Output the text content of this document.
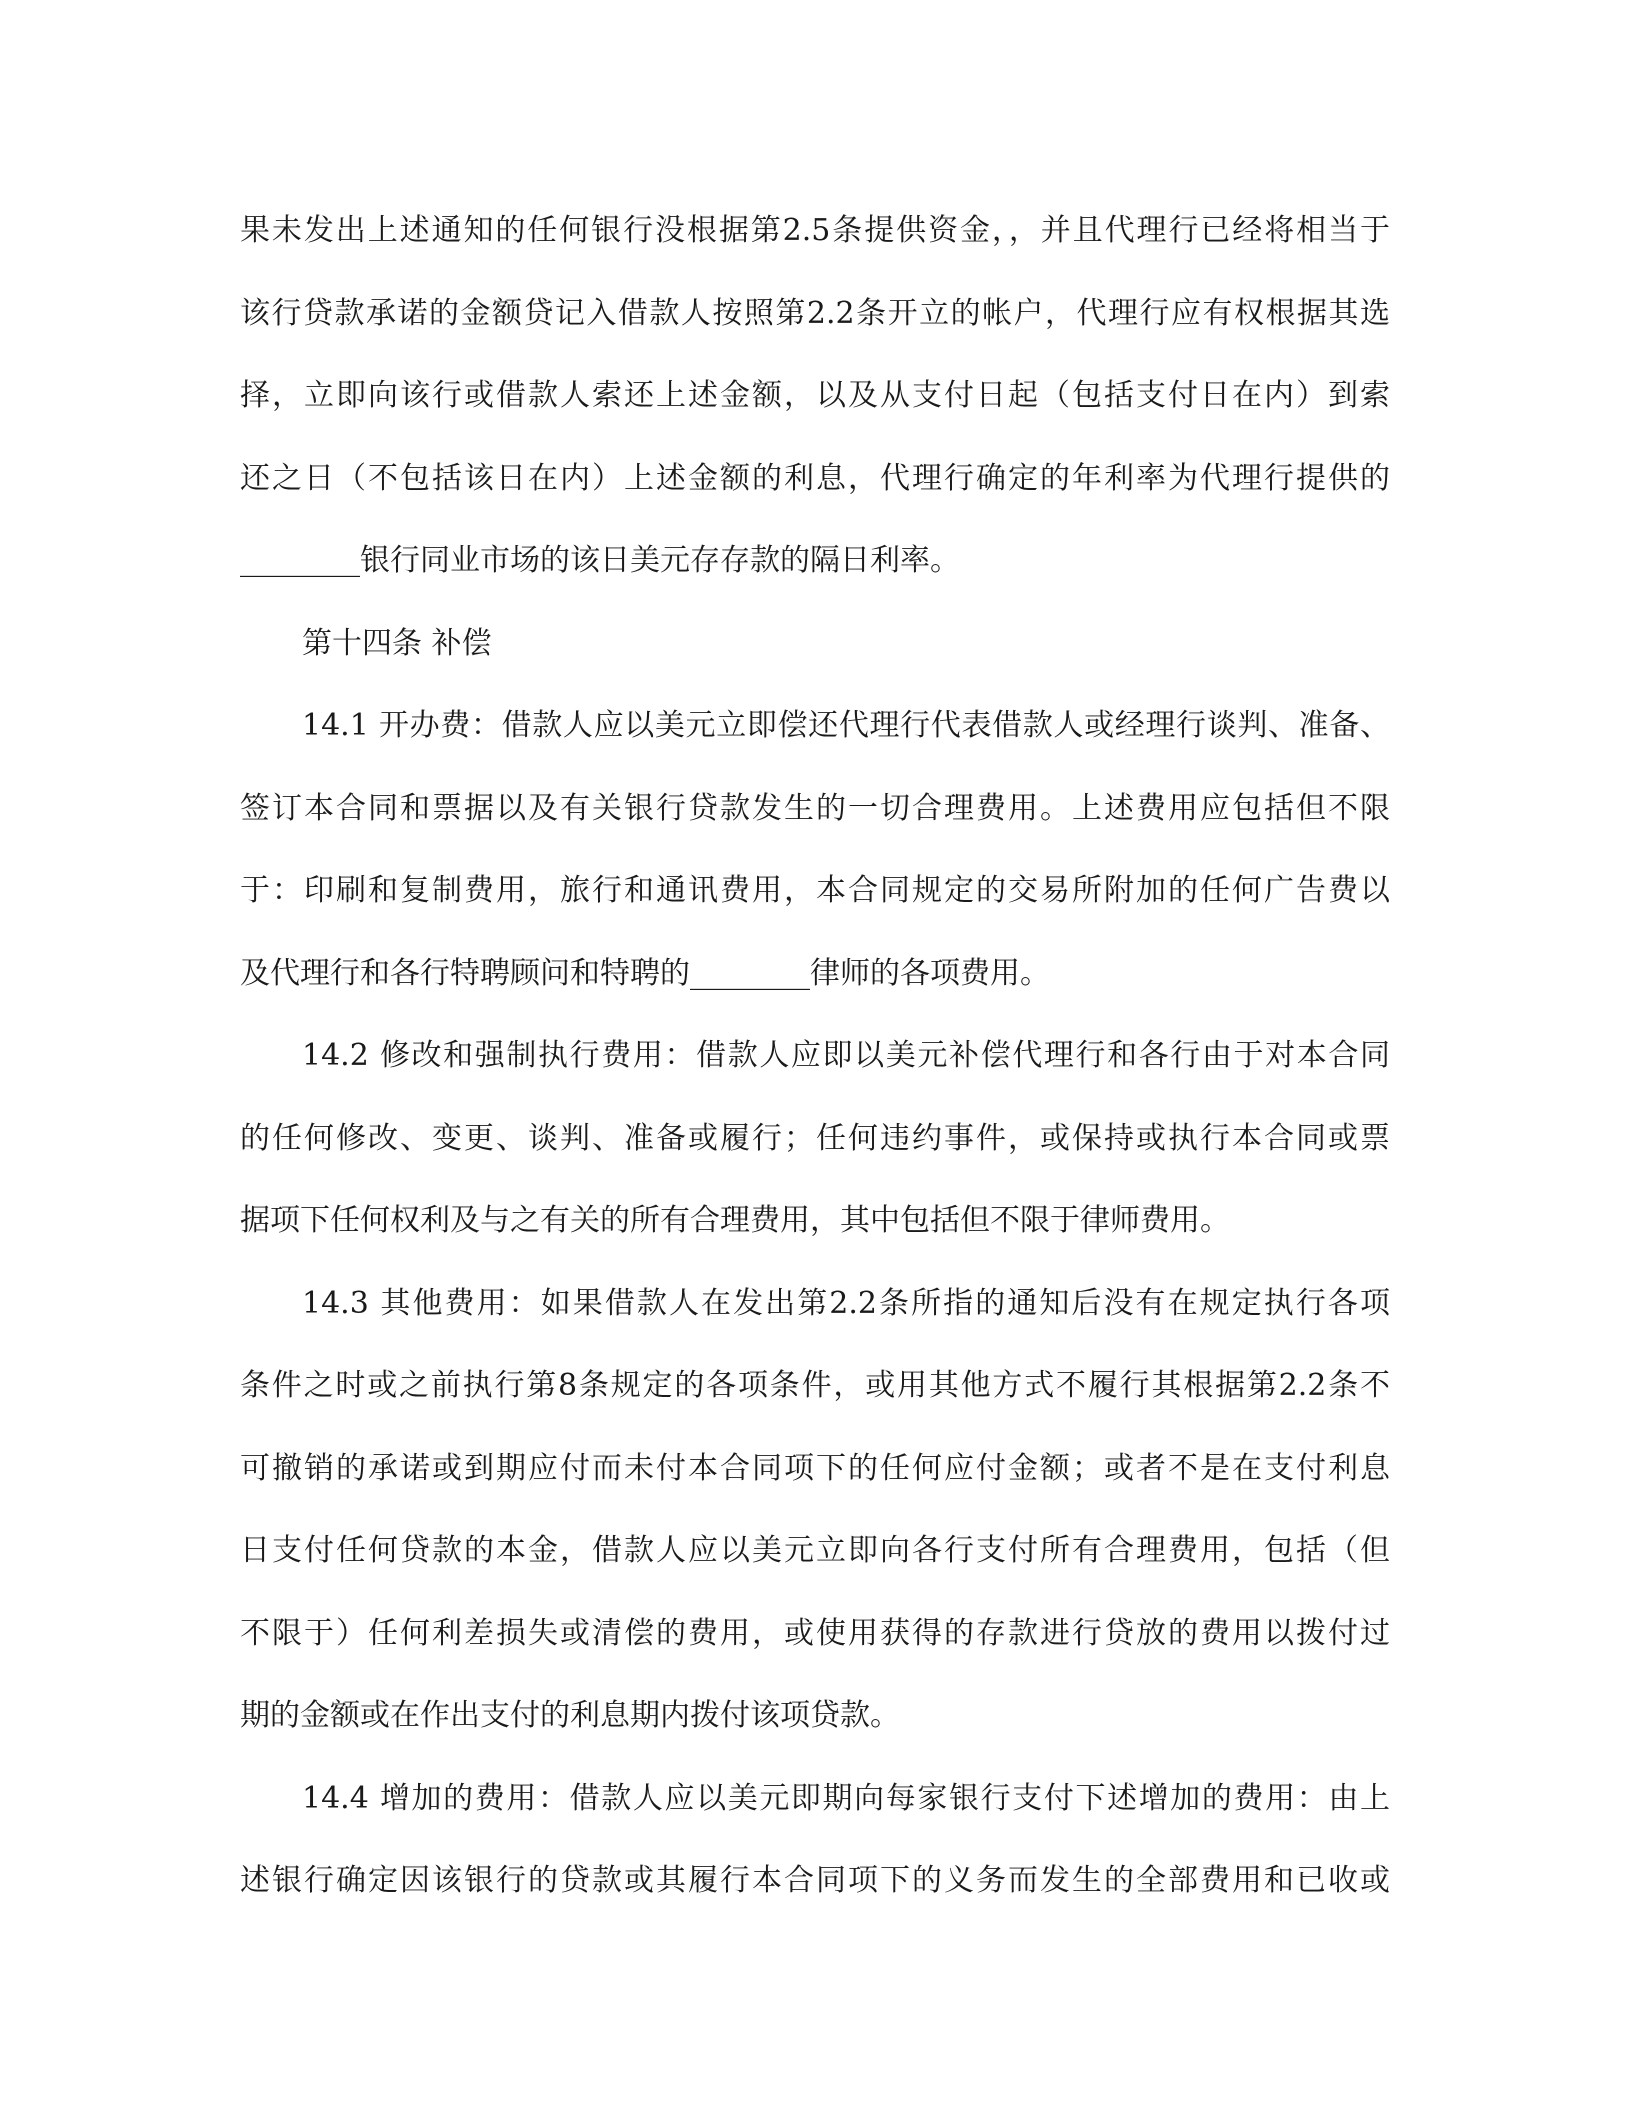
果未发出上述通知的任何银行没根据第2.5条提供资金，，并且代理行已经将相当于
该行贷款承诺的金额贷记入借款人按照第2.2条开立的帐户，代理行应有权根据其选
择，立即向该行或借款人索还上述金额，以及从支付日起（包括支付日在内）到索
还之日（不包括该日在内）上述金额的利息，代理行确定的年利率为代理行提供的
________银行同业市场的该日美元存存款的隔日利率。
第十四条 补偿
14.1 开办费：借款人应以美元立即偿还代理行代表借款人或经理行谈判、准备、
签订本合同和票据以及有关银行贷款发生的一切合理费用。上述费用应包括但不限
于：印刷和复制费用，旅行和通讯费用，本合同规定的交易所附加的任何广告费以
及代理行和各行特聘顾问和特聘的________律师的各项费用。
14.2 修改和强制执行费用：借款人应即以美元补偿代理行和各行由于对本合同
的任何修改、变更、谈判、准备或履行；任何违约事件，或保持或执行本合同或票
据项下任何权利及与之有关的所有合理费用，其中包括但不限于律师费用。
14.3 其他费用：如果借款人在发出第2.2条所指的通知后没有在规定执行各项
条件之时或之前执行第8条规定的各项条件，或用其他方式不履行其根据第2.2条不
可撤销的承诺或到期应付而未付本合同项下的任何应付金额；或者不是在支付利息
日支付任何贷款的本金，借款人应以美元立即向各行支付所有合理费用，包括（但
不限于）任何利差损失或清偿的费用，或使用获得的存款进行贷放的费用以拨付过
期的金额或在作出支付的利息期内拨付该项贷款。
14.4 增加的费用：借款人应以美元即期向每家银行支付下述增加的费用：由上
述银行确定因该银行的贷款或其履行本合同项下的义务而发生的全部费用和已收或
